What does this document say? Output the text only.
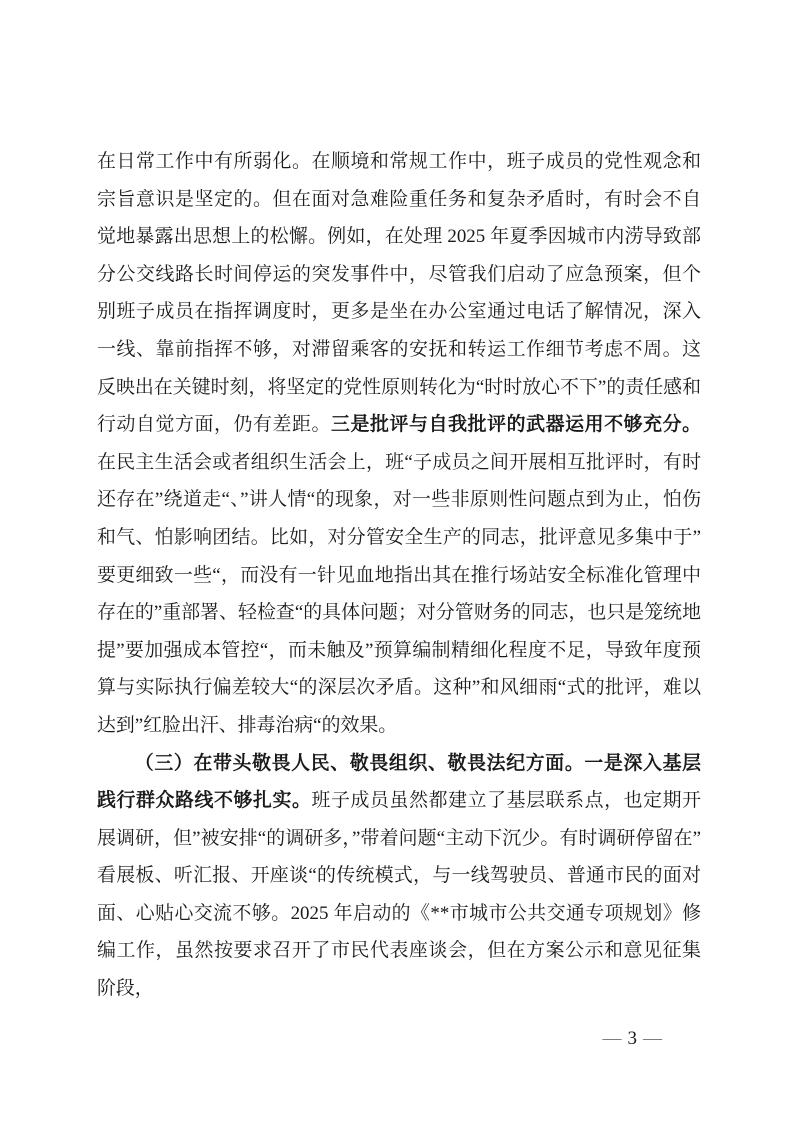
在日常工作中有所弱化。在顺境和常规工作中，班子成员的党性观念和宗旨意识是坚定的。但在面对急难险重任务和复杂矛盾时，有时会不自觉地暴露出思想上的松懈。例如，在处理 2025 年夏季因城市内涝导致部分公交线路长时间停运的突发事件中，尽管我们启动了应急预案，但个别班子成员在指挥调度时，更多是坐在办公室通过电话了解情况，深入一线、靠前指挥不够，对滞留乘客的安抚和转运工作细节考虑不周。这反映出在关键时刻，将坚定的党性原则转化为“时时放心不下”的责任感和行动自觉方面，仍有差距。三是批评与自我批评的武器运用不够充分。在民主生活会或者组织生活会上，班“子成员之间开展相互批评时，有时还存在”绕道走“、”讲人情“的现象，对一些非原则性问题点到为止，怕伤和气、怕影响团结。比如，对分管安全生产的同志，批评意见多集中于”要更细致一些“，而没有一针见血地指出其在推行场站安全标准化管理中存在的”重部署、轻检查“的具体问题；对分管财务的同志，也只是笼统地提”要加强成本管控“，而未触及”预算编制精细化程度不足，导致年度预算与实际执行偏差较大“的深层次矛盾。这种”和风细雨“式的批评，难以达到”红脸出汗、排毒治病“的效果。

（三）在带头敬畏人民、敬畏组织、敬畏法纪方面。一是深入基层践行群众路线不够扎实。班子成员虽然都建立了基层联系点，也定期开展调研，但”被安排“的调研多，”带着问题“主动下沉少。有时调研停留在”看展板、听汇报、开座谈“的传统模式，与一线驾驶员、普通市民的面对面、心贴心交流不够。2025 年启动的《**市城市公共交通专项规划》修编工作，虽然按要求召开了市民代表座谈会，但在方案公示和意见征集阶段，

— 3 —
